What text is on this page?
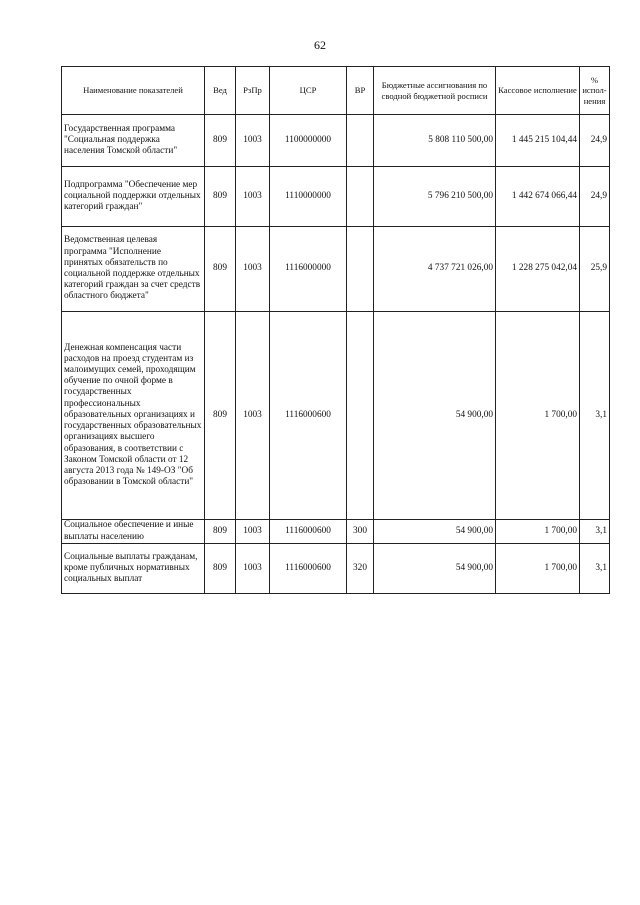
62
Наименование показателей	Вед	РзПр	ЦСР	ВР	Бюджетные ассигнования по сводной бюджетной росписи	Кассовое исполнение	% испол-нения
Государственная программа "Социальная поддержка населения Томской области"	809	1003	1100000000		5 808 110 500,00	1 445 215 104,44	24,9
Подпрограмма "Обеспечение мер социальной поддержки отдельных категорий граждан"	809	1003	1110000000		5 796 210 500,00	1 442 674 066,44	24,9
Ведомственная целевая программа "Исполнение принятых обязательств по социальной поддержке отдельных категорий граждан за счет средств областного бюджета"	809	1003	1116000000		4 737 721 026,00	1 228 275 042,04	25,9
Денежная компенсация части расходов на проезд студентам из малоимущих семей, проходящим обучение по очной форме в государственных профессиональных образовательных организациях и государственных образовательных организациях высшего образования, в соответствии с Законом Томской области от 12 августа 2013 года № 149-ОЗ "Об образовании в Томской области"	809	1003	1116000600		54 900,00	1 700,00	3,1
Социальное обеспечение и иные выплаты населению	809	1003	1116000600	300	54 900,00	1 700,00	3,1
Социальные выплаты гражданам, кроме публичных нормативных социальных выплат	809	1003	1116000600	320	54 900,00	1 700,00	3,1
